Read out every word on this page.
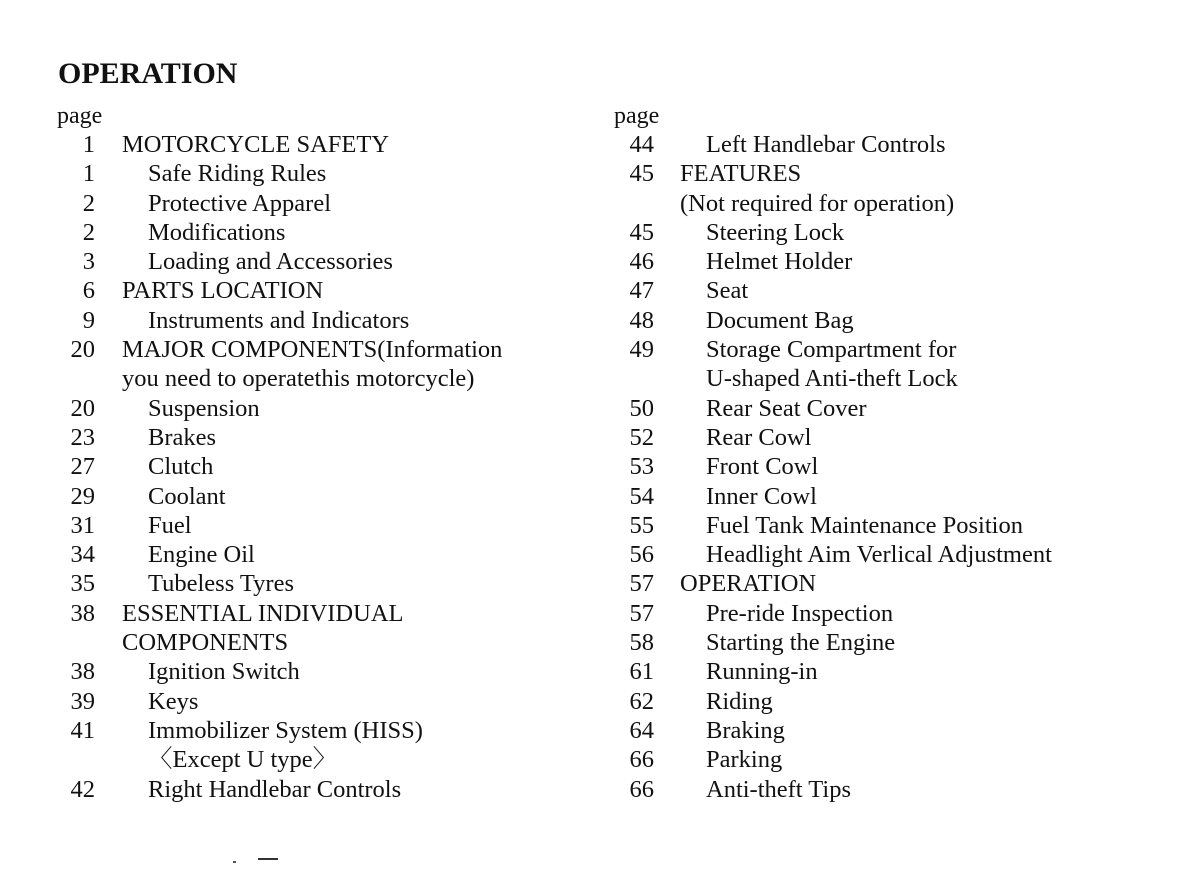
OPERATION
page
1 MOTORCYCLE SAFETY
1 Safe Riding Rules
2 Protective Apparel
2 Modifications
3 Loading and Accessories
6 PARTS LOCATION
9 Instruments and Indicators
20 MAJOR COMPONENTS(Information
you need to operatethis motorcycle)
20 Suspension
23 Brakes
27 Clutch
29 Coolant
31 Fuel
34 Engine Oil
35 Tubeless Tyres
38 ESSENTIAL INDIVIDUAL
COMPONENTS
38 Ignition Switch
39 Keys
41 Immobilizer System (HISS)
〈Except U type〉
42 Right Handlebar Controls
page
44 Left Handlebar Controls
45 FEATURES
(Not required for operation)
45 Steering Lock
46 Helmet Holder
47 Seat
48 Document Bag
49 Storage Compartment for
U-shaped Anti-theft Lock
50 Rear Seat Cover
52 Rear Cowl
53 Front Cowl
54 Inner Cowl
55 Fuel Tank Maintenance Position
56 Headlight Aim Verlical Adjustment
57 OPERATION
57 Pre-ride Inspection
58 Starting the Engine
61 Running-in
62 Riding
64 Braking
66 Parking
66 Anti-theft Tips
